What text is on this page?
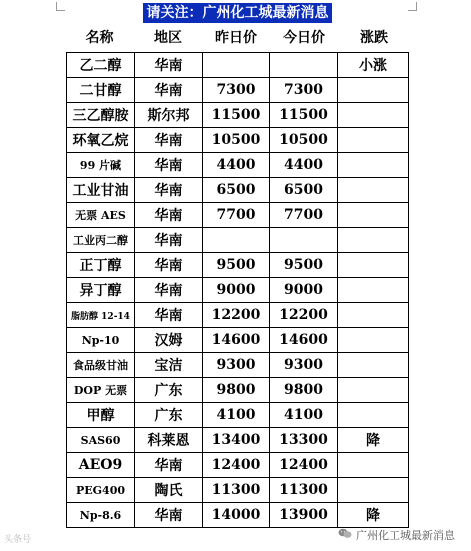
请关注：广州化工城最新消息
名称	地区	昨日价	今日价	涨跌
乙二醇	华南			小涨
二甘醇	华南	7300	7300	
三乙醇胺	斯尔邦	11500	11500	
环氧乙烷	华南	10500	10500	
99 片碱	华南	4400	4400	
工业甘油	华南	6500	6500	
无票 AES	华南	7700	7700	
工业丙二醇	华南			
正丁醇	华南	9500	9500	
异丁醇	华南	9000	9000	
脂肪醇 12-14	华南	12200	12200	
Np-10	汉姆	14600	14600	
食品级甘油	宝洁	9300	9300	
DOP 无票	广东	9800	9800	
甲醇	广东	4100	4100	
SAS60	科莱恩	13400	13300	降
AEO9	华南	12400	12400	
PEG400	陶氏	11300	11300	
Np-8.6	华南	14000	13900	降
广州化工城最新消息
头条号
